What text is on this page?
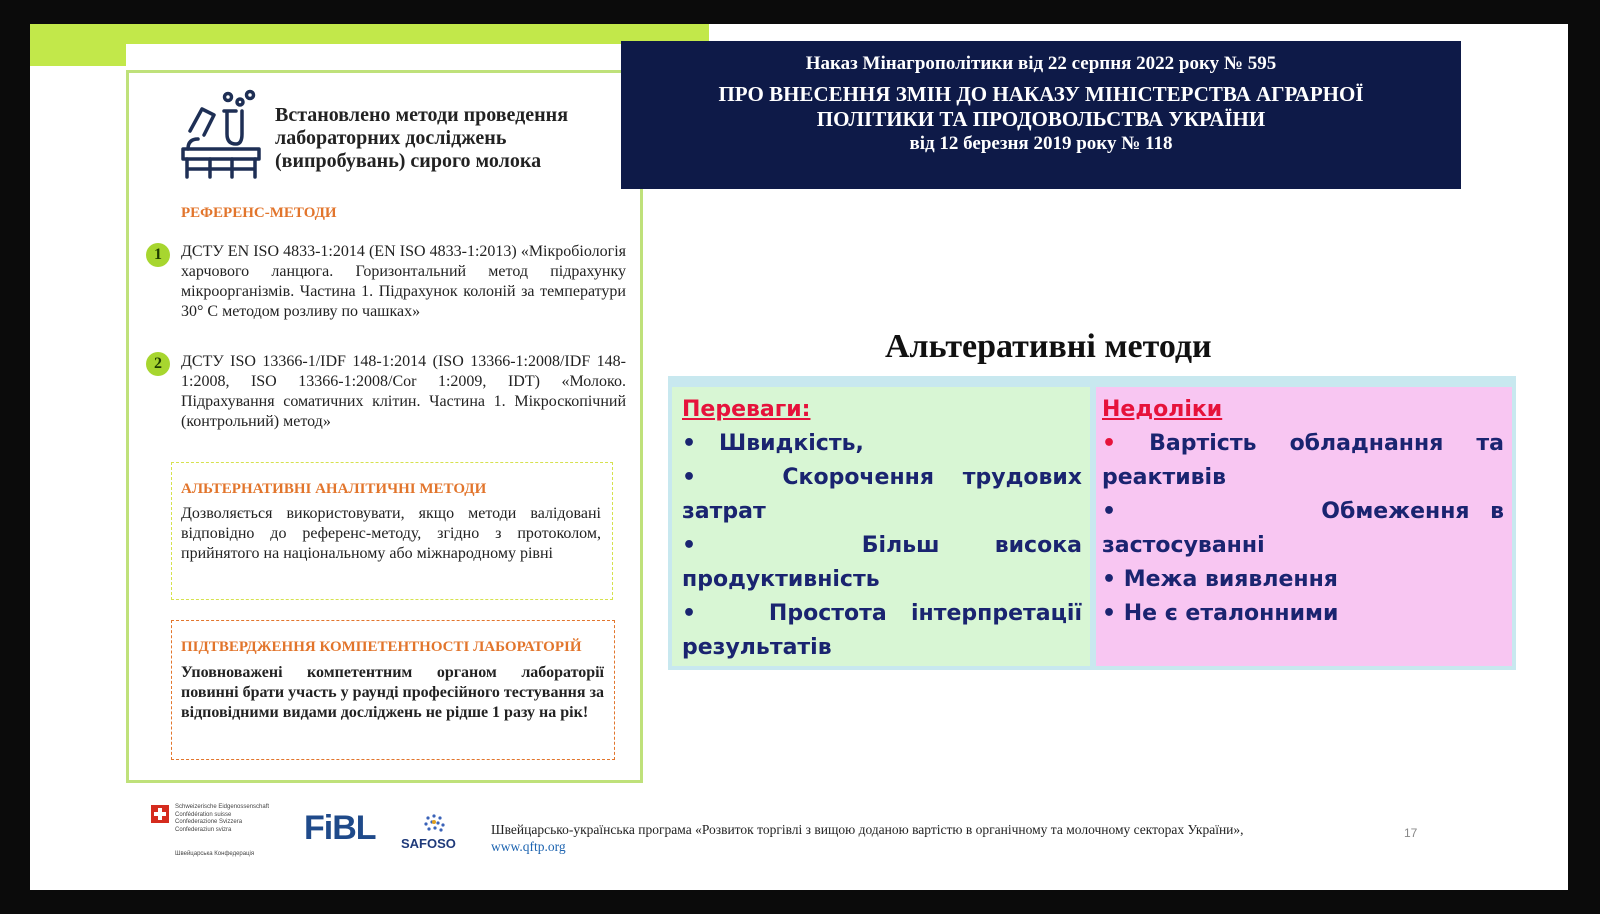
Встановлено методи проведення лабораторних досліджень (випробувань) сирого молока
РЕФЕРЕНС-МЕТОДИ
1	ДСТУ EN ISO 4833-1:2014 (EN ISO 4833-1:2013) «Мікробіологія харчового ланцюга. Горизонтальний метод підрахунку мікроорганізмів. Частина 1. Підрахунок колоній за температури 30° С методом розливу по чашках»
2	ДСТУ ISO 13366-1/IDF 148-1:2014 (ISO 13366-1:2008/IDF 148-1:2008, ISO 13366-1:2008/Cor 1:2009, IDT) «Молоко. Підрахування соматичних клітин. Частина 1. Мікроскопічний (контрольний) метод»
АЛЬТЕРНАТИВНІ АНАЛІТИЧНІ МЕТОДИ
Дозволяється використовувати, якщо методи валідовані відповідно до референс-методу, згідно з протоколом, прийнятого на національному або міжнародному рівні
ПІДТВЕРДЖЕННЯ КОМПЕТЕНТНОСТІ ЛАБОРАТОРІЙ
Уповноважені компетентним органом лабораторії повинні брати участь у раунді професійного тестування за відповідними видами досліджень не рідше 1 разу на рік!
Наказ Мінагрополітики від 22 серпня 2022 року № 595
ПРО ВНЕСЕННЯ ЗМІН ДО НАКАЗУ МІНІСТЕРСТВА АГРАРНОЇ
ПОЛІТИКИ ТА ПРОДОВОЛЬСТВА УКРАЇНИ
від 12 березня 2019 року № 118
Альтеративні методи
Переваги:
•   Швидкість,
•   Скорочення трудових затрат
•   Більш висока продуктивність
•   Простота інтерпретації результатів
Недоліки
• Вартість обладнання та реактивів
•          Обмеження в застосуванні
• Межа виявлення
• Не є еталонними
Schweizerische Eidgenossenschaft
Confédération suisse
Confederazione Svizzera
Confederaziun svizra
Швейцарська Конфедерація
FiBL SAFOSO
Швейцарсько-українська програма «Розвиток торгівлі з вищою доданою вартістю в органічному та молочному секторах України»,
www.qftp.org
17
